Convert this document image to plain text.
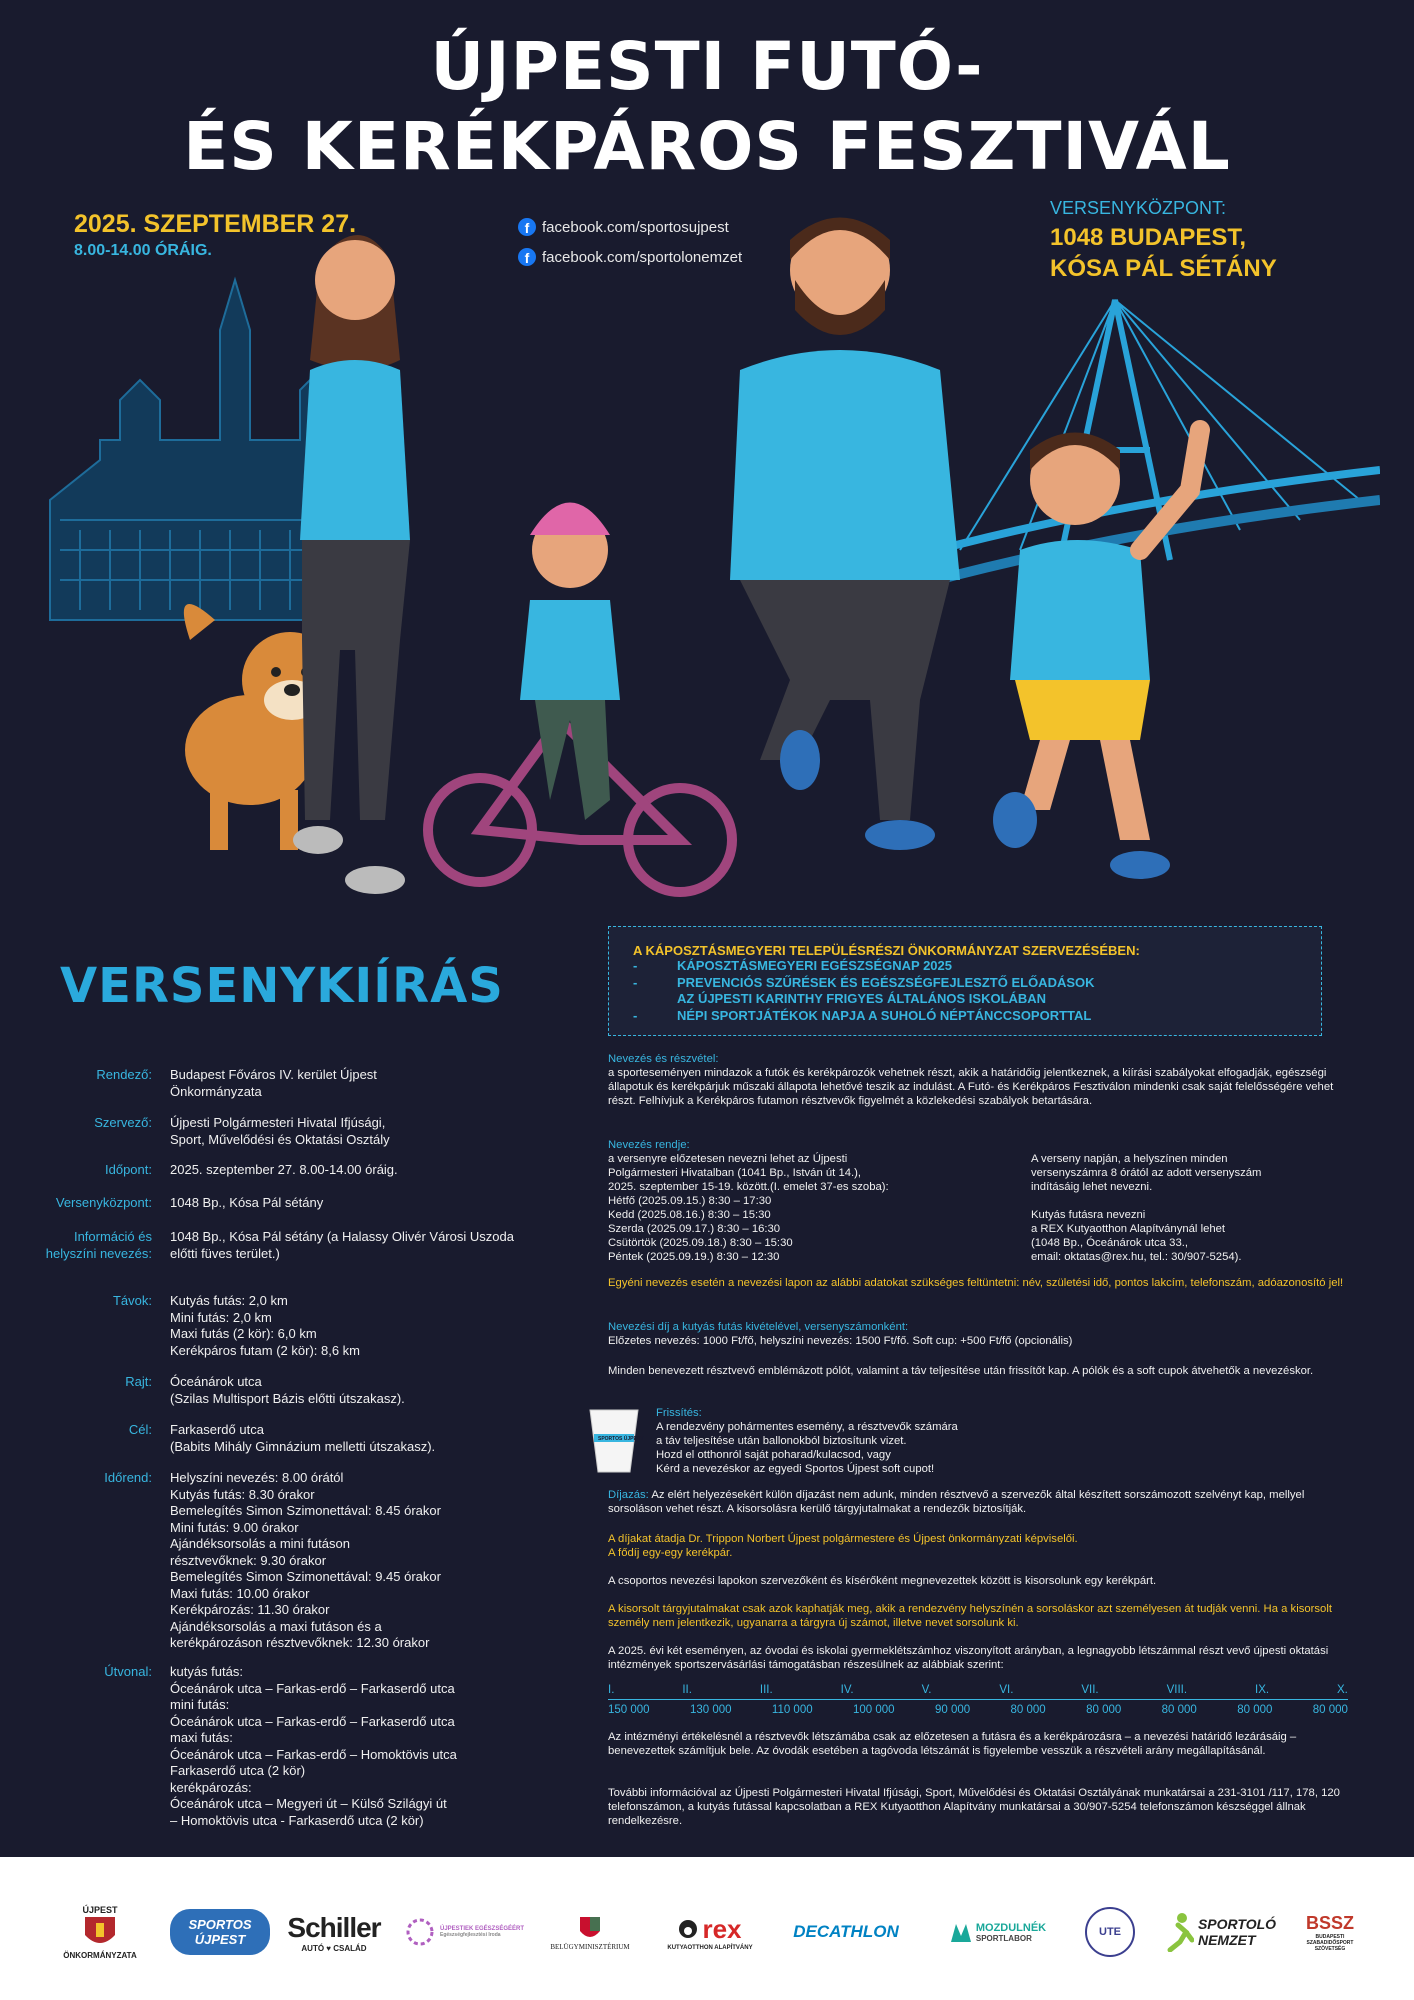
ÚJPESTI FUTÓ-
ÉS KERÉKPÁROS FESZTIVÁL
2025. SZEPTEMBER 27.
8.00-14.00 ÓRÁIG.
f facebook.com/sportosujpest
f facebook.com/sportolonemzet
VERSENYKÖZPONT:
1048 BUDAPEST,
KÓSA PÁL SÉTÁNY
VERSENYKIÍRÁS
A KÁPOSZTÁSMEGYERI TELEPÜLÉSRÉSZI ÖNKORMÁNYZAT SZERVEZÉSÉBEN:
-	KÁPOSZTÁSMEGYERI EGÉSZSÉGNAP 2025
-	PREVENCIÓS SZŰRÉSEK ÉS EGÉSZSÉGFEJLESZTŐ ELŐADÁSOK
AZ ÚJPESTI KARINTHY FRIGYES ÁLTALÁNOS ISKOLÁBAN
-	NÉPI SPORTJÁTÉKOK NAPJA A SUHOLÓ NÉPTÁNCCSOPORTTAL
Rendező:	Budapest Főváros IV. kerület Újpest Önkormányzata
Szervező:	Újpesti Polgármesteri Hivatal Ifjúsági, Sport, Művelődési és Oktatási Osztály
Időpont:	2025. szeptember 27. 8.00-14.00 óráig.
Versenyközpont:	1048 Bp., Kósa Pál sétány
Információ és helyszíni nevezés:
1048 Bp., Kósa Pál sétány (a Halassy Olivér Városi Uszoda előtti füves terület.)
Távok:	Kutyás futás: 2,0 km
Mini futás: 2,0 km
Maxi futás (2 kör): 6,0 km
Kerékpáros futam (2 kör): 8,6 km
Rajt:	Óceánárok utca
(Szilas Multisport Bázis előtti útszakasz).
Cél:	Farkaserdő utca
(Babits Mihály Gimnázium melletti útszakasz).
Időrend:	Helyszíni nevezés: 8.00 órától
Kutyás futás: 8.30 órakor
Bemelegítés Simon Szimonettával: 8.45 órakor
Mini futás: 9.00 órakor
Ajándéksorsolás a mini futáson
résztvevőknek: 9.30 órakor
Bemelegítés Simon Szimonettával: 9.45 órakor
Maxi futás: 10.00 órakor
Kerékpározás: 11.30 órakor
Ajándéksorsolás a maxi futáson és a
kerékpározáson résztvevőknek: 12.30 órakor
Útvonal:	kutyás futás:
Óceánárok utca – Farkas-erdő – Farkaserdő utca
mini futás:
Óceánárok utca – Farkas-erdő – Farkaserdő utca
maxi futás:
Óceánárok utca – Farkas-erdő – Homoktövis utca
Farkaserdő utca (2 kör)
kerékpározás:
Óceánárok utca – Megyeri út – Külső Szilágyi út
– Homoktövis utca - Farkaserdő utca (2 kör)
Nevezés és részvétel:
a sporteseményen mindazok a futók és kerékpározók vehetnek részt, akik a határidőig jelentkeznek, a kiírási szabályokat elfogadják, egészségi állapotuk és kerékpárjuk műszaki állapota lehetővé teszik az indulást. A Futó- és Kerékpáros Fesztiválon mindenki csak saját felelősségére vehet részt. Felhívjuk a Kerékpáros futamon résztvevők figyelmét a közlekedési szabályok betartására.
Nevezés rendje:
a versenyre előzetesen nevezni lehet az Újpesti
Polgármesteri Hivatalban (1041 Bp., István út 14.),
2025. szeptember 15-19. között.(I. emelet 37-es szoba):
Hétfő (2025.09.15.) 8:30 – 17:30
Kedd (2025.08.16.) 8:30 – 15:30
Szerda (2025.09.17.) 8:30 – 16:30
Csütörtök (2025.09.18.) 8:30 – 15:30
Péntek (2025.09.19.) 8:30 – 12:30
A verseny napján, a helyszínen minden
versenyszámra 8 órától az adott versenyszám
indításáig lehet nevezni.
Kutyás futásra nevezni
a REX Kutyaotthon Alapítványnál lehet
(1048 Bp., Óceánárok utca 33.,
email: oktatas@rex.hu, tel.: 30/907-5254).
Egyéni nevezés esetén a nevezési lapon az alábbi adatokat szükséges feltüntetni: név, születési idő, pontos lakcím, telefonszám, adóazonosító jel!
Nevezési díj a kutyás futás kivételével, versenyszámonként:
Előzetes nevezés: 1000 Ft/fő, helyszíni nevezés: 1500 Ft/fő. Soft cup: +500 Ft/fő (opcionális)
Minden benevezett résztvevő emblémázott pólót, valamint a táv teljesítése után frissítőt kap. A pólók és a soft cupok átvehetők a nevezéskor.
SPORTOS ÚJPEST
Frissítés:
A rendezvény pohármentes esemény, a résztvevők számára
a táv teljesítése után ballonokból biztosítunk vizet.
Hozd el otthonról saját poharad/kulacsod, vagy
Kérd a nevezéskor az egyedi Sportos Újpest soft cupot!
Díjazás: Az elért helyezésekért külön díjazást nem adunk, minden résztvevő a szervezők által készített sorszámozott szelvényt kap, mellyel sorsoláson vehet részt. A kisorsolásra kerülő tárgyjutalmakat a rendezők biztosítják.
A díjakat átadja Dr. Trippon Norbert Újpest polgármestere és Újpest önkormányzati képviselői.
A fődíj egy-egy kerékpár.
A csoportos nevezési lapokon szervezőként és kísérőként megnevezettek között is kisorsolunk egy kerékpárt.
A kisorsolt tárgyjutalmakat csak azok kaphatják meg, akik a rendezvény helyszínén a sorsoláskor azt személyesen át tudják venni. Ha a kisorsolt személy nem jelentkezik, ugyanarra a tárgyra új számot, illetve nevet sorsolunk ki.
A 2025. évi két eseményen, az óvodai és iskolai gyermeklétszámhoz viszonyított arányban, a legnagyobb létszámmal részt vevő újpesti oktatási intézmények sportszervásárlási támogatásban részesülnek az alábbiak szerint:
I.	II.	III.	IV.	V.	VI.	VII.	VIII.	IX.	X.
150 000	130 000	110 000	100 000	90 000	80 000	80 000	80 000	80 000	80 000
Az intézményi értékelésnél a résztvevők létszámába csak az előzetesen a futásra és a kerékpározásra – a nevezési határidő lezárásáig – benevezettek számítjuk bele. Az óvodák esetében a tagóvoda létszámát is figyelembe vesszük a részvételi arány megállapításánál.
További információval az Újpesti Polgármesteri Hivatal Ifjúsági, Sport, Művelődési és Oktatási Osztályának munkatársai a 231-3101 /117, 178, 120 telefonszámon, a kutyás futással kapcsolatban a REX Kutyaotthon Alapítvány munkatársai a 30/907-5254 telefonszámon készséggel állnak rendelkezésre.
ÚJPEST
ÖNKORMÁNYZATA
SPORTOS ÚJPEST	Schiller
AUTÓ ♥ CSALÁD
ÚJPESTIEK EGÉSZSÉGÉÉRT
Egészségfejlesztési Iroda
BELÜGYMINISZTÉRIUM
rex
KUTYAOTTHON ALAPÍTVÁNY
DECATHLON	MOZDULNÉK
SPORTLABOR	UTE	SPORTOLÓ
NEMZET
BSSZ
BUDAPESTI SZABADIDŐSPORT SZÖVETSÉG
